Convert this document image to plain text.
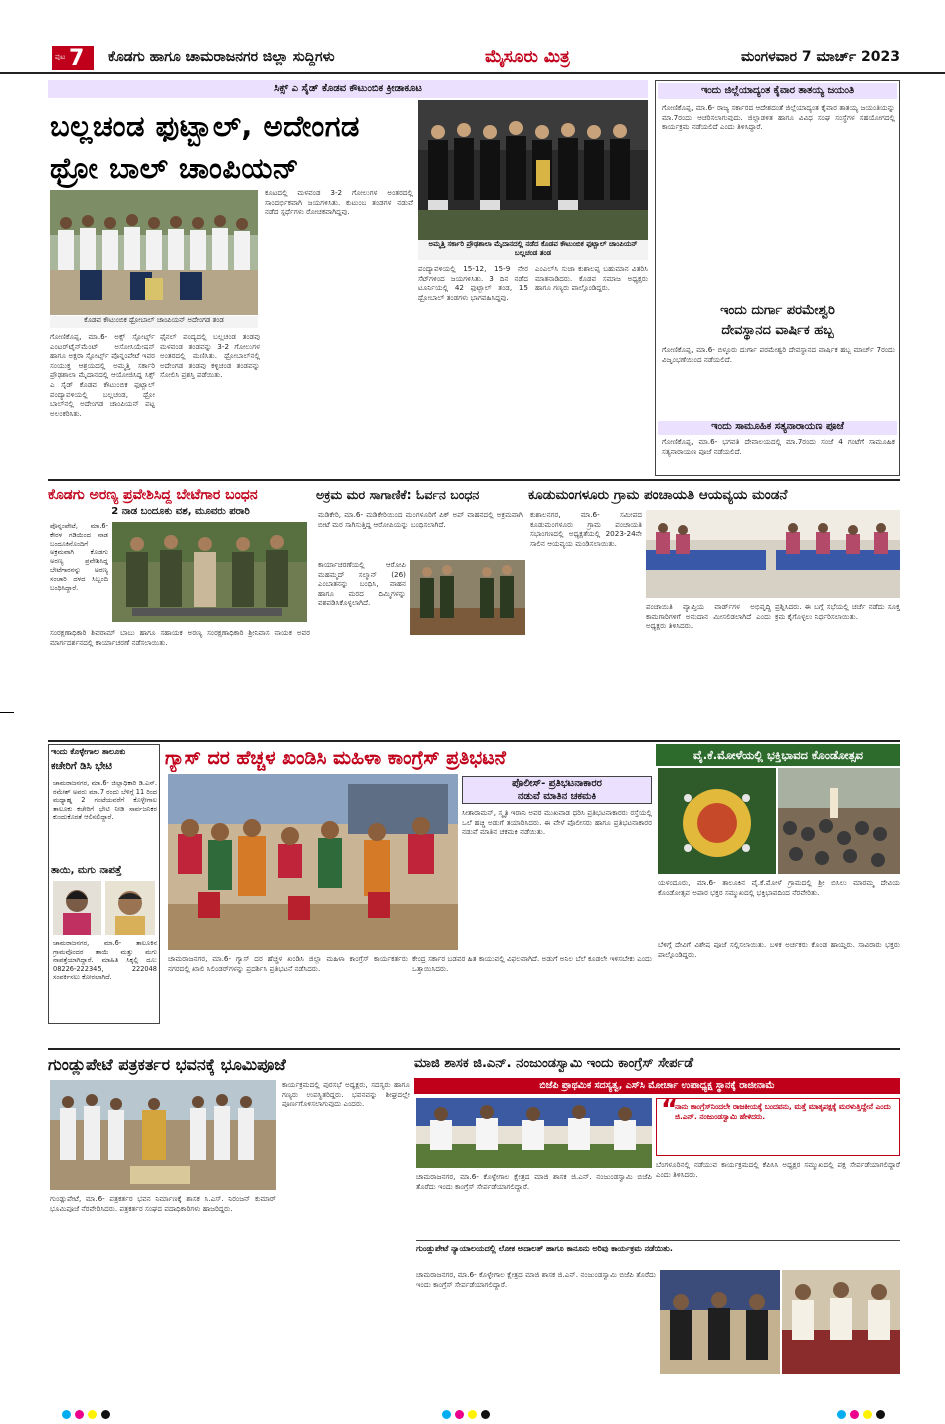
ಪುಟ 7 ಕೊಡಗು ಹಾಗೂ ಚಾಮರಾಜನಗರ ಜಿಲ್ಲಾ ಸುದ್ದಿಗಳು	ಮೈಸೂರು ಮಿತ್ರ	ಮಂಗಳವಾರ 7 ಮಾರ್ಚ್ 2023
ಸಿಕ್ಸ್ ಎ ಸೈಡ್ ಕೊಡವ ಕೌಟುಂಬಿಕ ಕ್ರೀಡಾಕೂಟ
ಬಲ್ಲಚಂಡ ಫುಟ್ಬಾಲ್, ಅದೇಂಗಡ
ಥ್ರೋ ಬಾಲ್ ಚಾಂಪಿಯನ್
ಕೊಡವ ಕೌಟುಂಬಿಕ ಥ್ರೋಬಾಲ್ ಚಾಂಪಿಯನ್ ಅದೇಂಗಡ ತಂಡ
ಅಮ್ಮತ್ತಿ ಸರ್ಕಾರಿ ಪ್ರೌಢಶಾಲಾ ಮೈದಾನದಲ್ಲಿ ನಡೆದ ಕೊಡವ ಕೌಟುಂಬಿಕ ಫುಟ್ಬಾಲ್ ಚಾಂಪಿಯನ್ ಬಲ್ಲಚಂಡ ತಂಡ
ಗೋಣಿಕೊಪ್ಪ, ಮಾ.6- ಅಕ್ಸ್ ಸ್ಪೋರ್ಟ್ಸ್ ಎಂಟರ್‌ಟೈನ್‌ಮೆಂಟ್ ಅಸೋಸಿಯೇಷನ್ ಹಾಗೂ ಅಕ್ಷರಾ ಸ್ಪೋರ್ಟ್ಸ್ ಪೊನ್ನಂಪೇಟೆ ಇವರ ಸಂಯುಕ್ತ ಆಶ್ರಯದಲ್ಲಿ ಅಮ್ಮತ್ತಿ ಸರ್ಕಾರಿ ಪ್ರೌಢಶಾಲಾ ಮೈದಾನದಲ್ಲಿ ಆಯೋಜಿಸಿದ್ದ ಸಿಕ್ಸ್ ಎ ಸೈಡ್ ಕೊಡವ ಕೌಟುಂಬಿಕ ಫುಟ್ಬಾಲ್ ಪಂದ್ಯಾವಳಿಯಲ್ಲಿ ಬಲ್ಲಚಂಡ, ಥ್ರೋ ಬಾಲ್‌ನಲ್ಲಿ ಅದೇಂಗಡ ಚಾಂಪಿಯನ್ ಪಟ್ಟ ಅಲಂಕರಿಸಿತು.
ಫೈನಲ್ ಪಂದ್ಯದಲ್ಲಿ ಬಲ್ಲಚಂಡ ತಂಡವು ಮಳವಂಡ ತಂಡವನ್ನು 3-2 ಗೋಲುಗಳ ಅಂತರದಲ್ಲಿ ಮಣಿಸಿತು. ಥ್ರೋಬಾಲ್‌ನಲ್ಲಿ ಅದೇಂಗಡ ತಂಡವು ಕಳ್ಳಿಚಂಡ ತಂಡವನ್ನು ಸೋಲಿಸಿ ಪ್ರಶಸ್ತಿ ಪಡೆಯಿತು.
ಕೂಟದಲ್ಲಿ ಮಳವಂಡ 3-2 ಗೋಲುಗಳ ಅಂತರದಲ್ಲಿ ಸಾಂದರ್ಭಿಕವಾಗಿ ಜಯಗಳಿಸಿತು. ಕುಟುಂಬ ತಂಡಗಳ ನಡುವೆ ನಡೆದ ಸ್ಪರ್ಧೆಗಳು ರೋಚಕವಾಗಿದ್ದವು.
ಪಂದ್ಯಾವಳಿಯಲ್ಲಿ 15-12, 15-9 ನೇರ ಸೆಟ್‌ಗಳಿಂದ ಜಯಗಳಿಸಿತು. 3 ದಿನ ನಡೆದ ಟೂರ್ನಿಯಲ್ಲಿ 42 ಫುಟ್ಬಾಲ್ ತಂಡ, 15 ಥ್ರೋಬಾಲ್ ತಂಡಗಳು ಭಾಗವಹಿಸಿದ್ದವು.
ಎಂಎಲ್‌ಸಿ ಸುಜಾ ಕುಶಾಲಪ್ಪ ಬಹುಮಾನ ವಿತರಿಸಿ ಮಾತನಾಡಿದರು. ಕೊಡವ ಸಮಾಜ ಅಧ್ಯಕ್ಷರು ಹಾಗೂ ಗಣ್ಯರು ಪಾಲ್ಗೊಂಡಿದ್ದರು.
ಇಂದು ಜಿಲ್ಲೆಯಾದ್ಯಂತ ಕೈವಾರ ತಾತಯ್ಯ ಜಯಂತಿ
ಗೋಣಿಕೊಪ್ಪ, ಮಾ.6- ರಾಜ್ಯ ಸರ್ಕಾರದ ಆದೇಶದಂತೆ ಜಿಲ್ಲೆಯಾದ್ಯಂತ ಕೈವಾರ ತಾತಯ್ಯ ಜಯಂತಿಯನ್ನು ಮಾ.7ರಂದು ಆಚರಿಸಲಾಗುವುದು. ಜಿಲ್ಲಾಡಳಿತ ಹಾಗೂ ವಿವಿಧ ಸಂಘ ಸಂಸ್ಥೆಗಳ ಸಹಯೋಗದಲ್ಲಿ ಕಾರ್ಯಕ್ರಮ ನಡೆಯಲಿದೆ ಎಂದು ತಿಳಿಸಿದ್ದಾರೆ.
ಇಂದು ದುರ್ಗಾ ಪರಮೇಶ್ವರಿ
ದೇವಸ್ಥಾನದ ವಾರ್ಷಿಕ ಹಬ್ಬ
ಗೋಣಿಕೊಪ್ಪ, ಮಾ.6- ಬಿಳ್ಳೂರು ದುರ್ಗಾ ಪರಮೇಶ್ವರಿ ದೇವಸ್ಥಾನದ ವಾರ್ಷಿಕ ಹಬ್ಬ ಮಾರ್ಚ್ 7ರಂದು ವಿಜೃಂಭಣೆಯಿಂದ ನಡೆಯಲಿದೆ.
ಇಂದು ಸಾಮೂಹಿಕ ಸತ್ಯನಾರಾಯಣ ಪೂಜೆ
ಗೋಣಿಕೊಪ್ಪ, ಮಾ.6- ಭಗವತಿ ದೇವಾಲಯದಲ್ಲಿ ಮಾ.7ರಂದು ಸಂಜೆ 4 ಗಂಟೆಗೆ ಸಾಮೂಹಿಕ ಸತ್ಯನಾರಾಯಣ ಪೂಜೆ ನಡೆಯಲಿದೆ.
ಕೊಡಗು ಅರಣ್ಯ ಪ್ರವೇಶಿಸಿದ್ದ ಬೇಟೆಗಾರ ಬಂಧನ
2 ನಾಡ ಬಂದೂಕು ವಶ, ಮೂವರು ಪರಾರಿ
ಪೊನ್ನಂಪೇಟೆ, ಮಾ.6- ಕೇರಳ ಗಡಿಯಿಂದ ನಾಡ ಬಂದೂಕಿನೊಂದಿಗೆ ಅಕ್ರಮವಾಗಿ ಕೊಡಗು ಅರಣ್ಯ ಪ್ರವೇಶಿಸಿದ್ದ ಬೇಟೆಗಾರನನ್ನು ಅರಣ್ಯ ಸಂಚಾರಿ ದಳದ ಸಿಬ್ಬಂದಿ ಬಂಧಿಸಿದ್ದಾರೆ.
ಸಂರಕ್ಷಣಾಧಿಕಾರಿ ಶಿವರಾಮ್ ಬಾಬು ಹಾಗೂ ಸಹಾಯಕ ಅರಣ್ಯ ಸಂರಕ್ಷಣಾಧಿಕಾರಿ ಶ್ರೀನಿವಾಸ ನಾಯಕ ಅವರ ಮಾರ್ಗದರ್ಶನದಲ್ಲಿ ಕಾರ್ಯಾಚರಣೆ ನಡೆಸಲಾಯಿತು.
ಅಕ್ರಮ ಮರ ಸಾಗಾಣಿಕೆ: ಓರ್ವನ ಬಂಧನ
ಮಡಿಕೇರಿ, ಮಾ.6- ಮಡಿಕೇರಿಯಿಂದ ಮಂಗಳೂರಿಗೆ ಪಿಕ್ ಅಪ್ ವಾಹನದಲ್ಲಿ ಅಕ್ರಮವಾಗಿ ಬೀಟೆ ಮರ ಸಾಗಿಸುತ್ತಿದ್ದ ಆರೋಪಿಯನ್ನು ಬಂಧಿಸಲಾಗಿದೆ.
ಕಾರ್ಯಾಚರಣೆಯಲ್ಲಿ ಆರೋಪಿ ಮಹಮ್ಮದ್ ಸಲ್ಮಾನ್ (26) ಎಂಬಾತನನ್ನು ಬಂಧಿಸಿ, ವಾಹನ ಹಾಗೂ ಮರದ ದಿಮ್ಮಿಗಳನ್ನು ವಶಪಡಿಸಿಕೊಳ್ಳಲಾಗಿದೆ.
ಕೂಡುಮಂಗಳೂರು ಗ್ರಾಮ ಪಂಚಾಯತಿ ಆಯವ್ಯಯ ಮಂಡನೆ
ಕುಶಾಲನಗರ, ಮಾ.6- ಸಮೀಪದ ಕೂಡುಮಂಗಳೂರು ಗ್ರಾಮ ಪಂಚಾಯತಿ ಸಭಾಂಗಣದಲ್ಲಿ ಅಧ್ಯಕ್ಷತೆಯಲ್ಲಿ 2023-24ನೇ ಸಾಲಿನ ಆಯವ್ಯಯ ಮಂಡಿಸಲಾಯಿತು.
ಪಂಚಾಯಿತಿ ವ್ಯಾಪ್ತಿಯ ವಾರ್ಡ್‌ಗಳ ಅಭಿವೃದ್ಧಿ ಕಾಮಗಾರಿಗಳಿಗೆ ಅನುದಾನ ಮೀಸಲಿಡಲಾಗಿದೆ ಎಂದು ಅಧ್ಯಕ್ಷರು ತಿಳಿಸಿದರು.
ಪ್ರಶ್ನಿಸಿದರು. ಈ ಬಗ್ಗೆ ಸಭೆಯಲ್ಲಿ ಚರ್ಚೆ ನಡೆದು ಸೂಕ್ತ ಕ್ರಮ ಕೈಗೊಳ್ಳಲು ನಿರ್ಧರಿಸಲಾಯಿತು.
ಇಂದು ಕೊಳ್ಳೇಗಾಲ ತಾಲೂಕು
ಕಚೇರಿಗೆ ಡಿಸಿ ಭೇಟಿ
ಚಾಮರಾಜನಗರ, ಮಾ.6- ಜಿಲ್ಲಾಧಿಕಾರಿ ಡಿ.ಎಸ್. ರಮೇಶ್ ಅವರು ಮಾ.7 ರಂದು ಬೆಳಿಗ್ಗೆ 11 ರಿಂದ ಮಧ್ಯಾಹ್ನ 2 ಗಂಟೆಯವರೆಗೆ ಕೊಳ್ಳೇಗಾಲ ತಾಲೂಕು ಕಚೇರಿಗೆ ಭೇಟಿ ನೀಡಿ ಸಾರ್ವಜನಿಕರ ಕುಂದುಕೊರತೆ ಆಲಿಸಲಿದ್ದಾರೆ.
ತಾಯಿ, ಮಗು ನಾಪತ್ತೆ
ಚಾಮರಾಜನಗರ, ಮಾ.6- ತಾಲೂಕಿನ ಗ್ರಾಮವೊಂದರ ತಾಯಿ ಮತ್ತು ಮಗು ನಾಪತ್ತೆಯಾಗಿದ್ದಾರೆ. ಮಾಹಿತಿ ಸಿಕ್ಕಲ್ಲಿ ದೂ: 08226-222345, 222048 ಸಂಪರ್ಕಿಸಲು ಕೋರಲಾಗಿದೆ.
ಗ್ಯಾಸ್ ದರ ಹೆಚ್ಚಳ ಖಂಡಿಸಿ ಮಹಿಳಾ ಕಾಂಗ್ರೆಸ್ ಪ್ರತಿಭಟನೆ
ಪೊಲೀಸ್- ಪ್ರತಿಭಟನಾಕಾರರ
ನಡುವೆ ಮಾತಿನ ಚಕಮಕಿ
ಸೀತಾರಾಮನ್, ಸ್ಮೃತಿ ಇರಾನಿ ಅವರ ಮುಖವಾಡ ಧರಿಸಿ ಪ್ರತಿಭಟನಾಕಾರರು ರಸ್ತೆಯಲ್ಲಿ ಒಲೆ ಹಚ್ಚಿ ಅಡುಗೆ ತಯಾರಿಸಿದರು. ಈ ವೇಳೆ ಪೊಲೀಸರು ಹಾಗೂ ಪ್ರತಿಭಟನಾಕಾರರ ನಡುವೆ ಮಾತಿನ ಚಕಮಕಿ ನಡೆಯಿತು.
ಚಾಮರಾಜನಗರ, ಮಾ.6- ಗ್ಯಾಸ್ ದರ ಹೆಚ್ಚಳ ಖಂಡಿಸಿ ಜಿಲ್ಲಾ ಮಹಿಳಾ ಕಾಂಗ್ರೆಸ್ ಕಾರ್ಯಕರ್ತರು ನಗರದಲ್ಲಿ ಖಾಲಿ ಸಿಲಿಂಡರ್‌ಗಳನ್ನು ಪ್ರದರ್ಶಿಸಿ ಪ್ರತಿಭಟನೆ ನಡೆಸಿದರು.
ಕೇಂದ್ರ ಸರ್ಕಾರ ಬಡವರ ಹಿತ ಕಾಯುವಲ್ಲಿ ವಿಫಲವಾಗಿದೆ. ಅಡುಗೆ ಅನಿಲ ಬೆಲೆ ಕೂಡಲೇ ಇಳಿಸಬೇಕು ಎಂದು ಒತ್ತಾಯಿಸಿದರು.
ವೈ.ಕೆ.ಮೋಳೆಯಲ್ಲಿ ಭಕ್ತಿಭಾವದ ಕೊಂಡೋತ್ಸವ
ಯಳಂದೂರು, ಮಾ.6- ತಾಲೂಕಿನ ವೈ.ಕೆ.ಮೋಳೆ ಗ್ರಾಮದಲ್ಲಿ ಶ್ರೀ ಬಿಸಿಲು ಮಾರಮ್ಮ ದೇವಿಯ ಕೊಂಡೋತ್ಸವ ಅಪಾರ ಭಕ್ತರ ಸಮ್ಮುಖದಲ್ಲಿ ಭಕ್ತಿಭಾವದಿಂದ ನೆರವೇರಿತು.
ಬೆಳಿಗ್ಗೆ ದೇವಿಗೆ ವಿಶೇಷ ಪೂಜೆ ಸಲ್ಲಿಸಲಾಯಿತು. ಬಳಿಕ ಅರ್ಚಕರು ಕೊಂಡ ಹಾಯ್ದರು. ಸಾವಿರಾರು ಭಕ್ತರು ಪಾಲ್ಗೊಂಡಿದ್ದರು.
ಗುಂಡ್ಲುಪೇಟೆ ಪತ್ರಕರ್ತರ ಭವನಕ್ಕೆ ಭೂಮಿಪೂಜೆ
ಗುಂಡ್ಲುಪೇಟೆ, ಮಾ.6- ಪತ್ರಕರ್ತರ ಭವನ ನಿರ್ಮಾಣಕ್ಕೆ ಶಾಸಕ ಸಿ.ಎಸ್. ನಿರಂಜನ್ ಕುಮಾರ್ ಭೂಮಿಪೂಜೆ ನೆರವೇರಿಸಿದರು. ಪತ್ರಕರ್ತರ ಸಂಘದ ಪದಾಧಿಕಾರಿಗಳು ಹಾಜರಿದ್ದರು.
ಕಾರ್ಯಕ್ರಮದಲ್ಲಿ ಪುರಸಭೆ ಅಧ್ಯಕ್ಷರು, ಸದಸ್ಯರು ಹಾಗೂ ಗಣ್ಯರು ಉಪಸ್ಥಿತರಿದ್ದರು. ಭವನವನ್ನು ಶೀಘ್ರದಲ್ಲೇ ಪೂರ್ಣಗೊಳಿಸಲಾಗುವುದು ಎಂದರು.
ಮಾಜಿ ಶಾಸಕ ಜಿ.ಎನ್. ನಂಜುಂಡಸ್ವಾಮಿ ಇಂದು ಕಾಂಗ್ರೆಸ್ ಸೇರ್ಪಡೆ
ಬಿಜೆಪಿ ಪ್ರಾಥಮಿಕ ಸದಸ್ಯತ್ವ, ಎಸ್‌ಸಿ ಮೋರ್ಚಾ ಉಪಾಧ್ಯಕ್ಷ ಸ್ಥಾನಕ್ಕೆ ರಾಜೀನಾಮೆ
“
ನಾನು ಕಾಂಗ್ರೆಸ್‌ನಿಂದಲೇ ರಾಜಕೀಯಕ್ಕೆ ಬಂದವನು, ಮತ್ತೆ ಮಾತೃಪಕ್ಷಕ್ಕೆ ಮರಳುತ್ತಿದ್ದೇನೆ ಎಂದು ಜಿ.ಎನ್. ನಂಜುಂಡಸ್ವಾಮಿ ಹೇಳಿದರು.
ಚಾಮರಾಜನಗರ, ಮಾ.6- ಕೊಳ್ಳೇಗಾಲ ಕ್ಷೇತ್ರದ ಮಾಜಿ ಶಾಸಕ ಜಿ.ಎನ್. ನಂಜುಂಡಸ್ವಾಮಿ ಬಿಜೆಪಿ ತೊರೆದು ಇಂದು ಕಾಂಗ್ರೆಸ್ ಸೇರ್ಪಡೆಯಾಗಲಿದ್ದಾರೆ.
ಬೆಂಗಳೂರಿನಲ್ಲಿ ನಡೆಯುವ ಕಾರ್ಯಕ್ರಮದಲ್ಲಿ ಕೆಪಿಸಿಸಿ ಅಧ್ಯಕ್ಷರ ಸಮ್ಮುಖದಲ್ಲಿ ಪಕ್ಷ ಸೇರ್ಪಡೆಯಾಗಲಿದ್ದಾರೆ ಎಂದು ತಿಳಿಸಿದರು.
ಗುಂಡ್ಲುಪೇಟೆ ನ್ಯಾಯಾಲಯದಲ್ಲಿ ಲೋಕ ಅದಾಲತ್ ಹಾಗೂ ಕಾನೂನು ಅರಿವು ಕಾರ್ಯಕ್ರಮ ನಡೆಯಿತು.
ಚಾಮರಾಜನಗರ, ಮಾ.6- ಕೊಳ್ಳೇಗಾಲ ಕ್ಷೇತ್ರದ ಮಾಜಿ ಶಾಸಕ ಜಿ.ಎನ್. ನಂಜುಂಡಸ್ವಾಮಿ ಬಿಜೆಪಿ ತೊರೆದು ಇಂದು ಕಾಂಗ್ರೆಸ್ ಸೇರ್ಪಡೆಯಾಗಲಿದ್ದಾರೆ.
